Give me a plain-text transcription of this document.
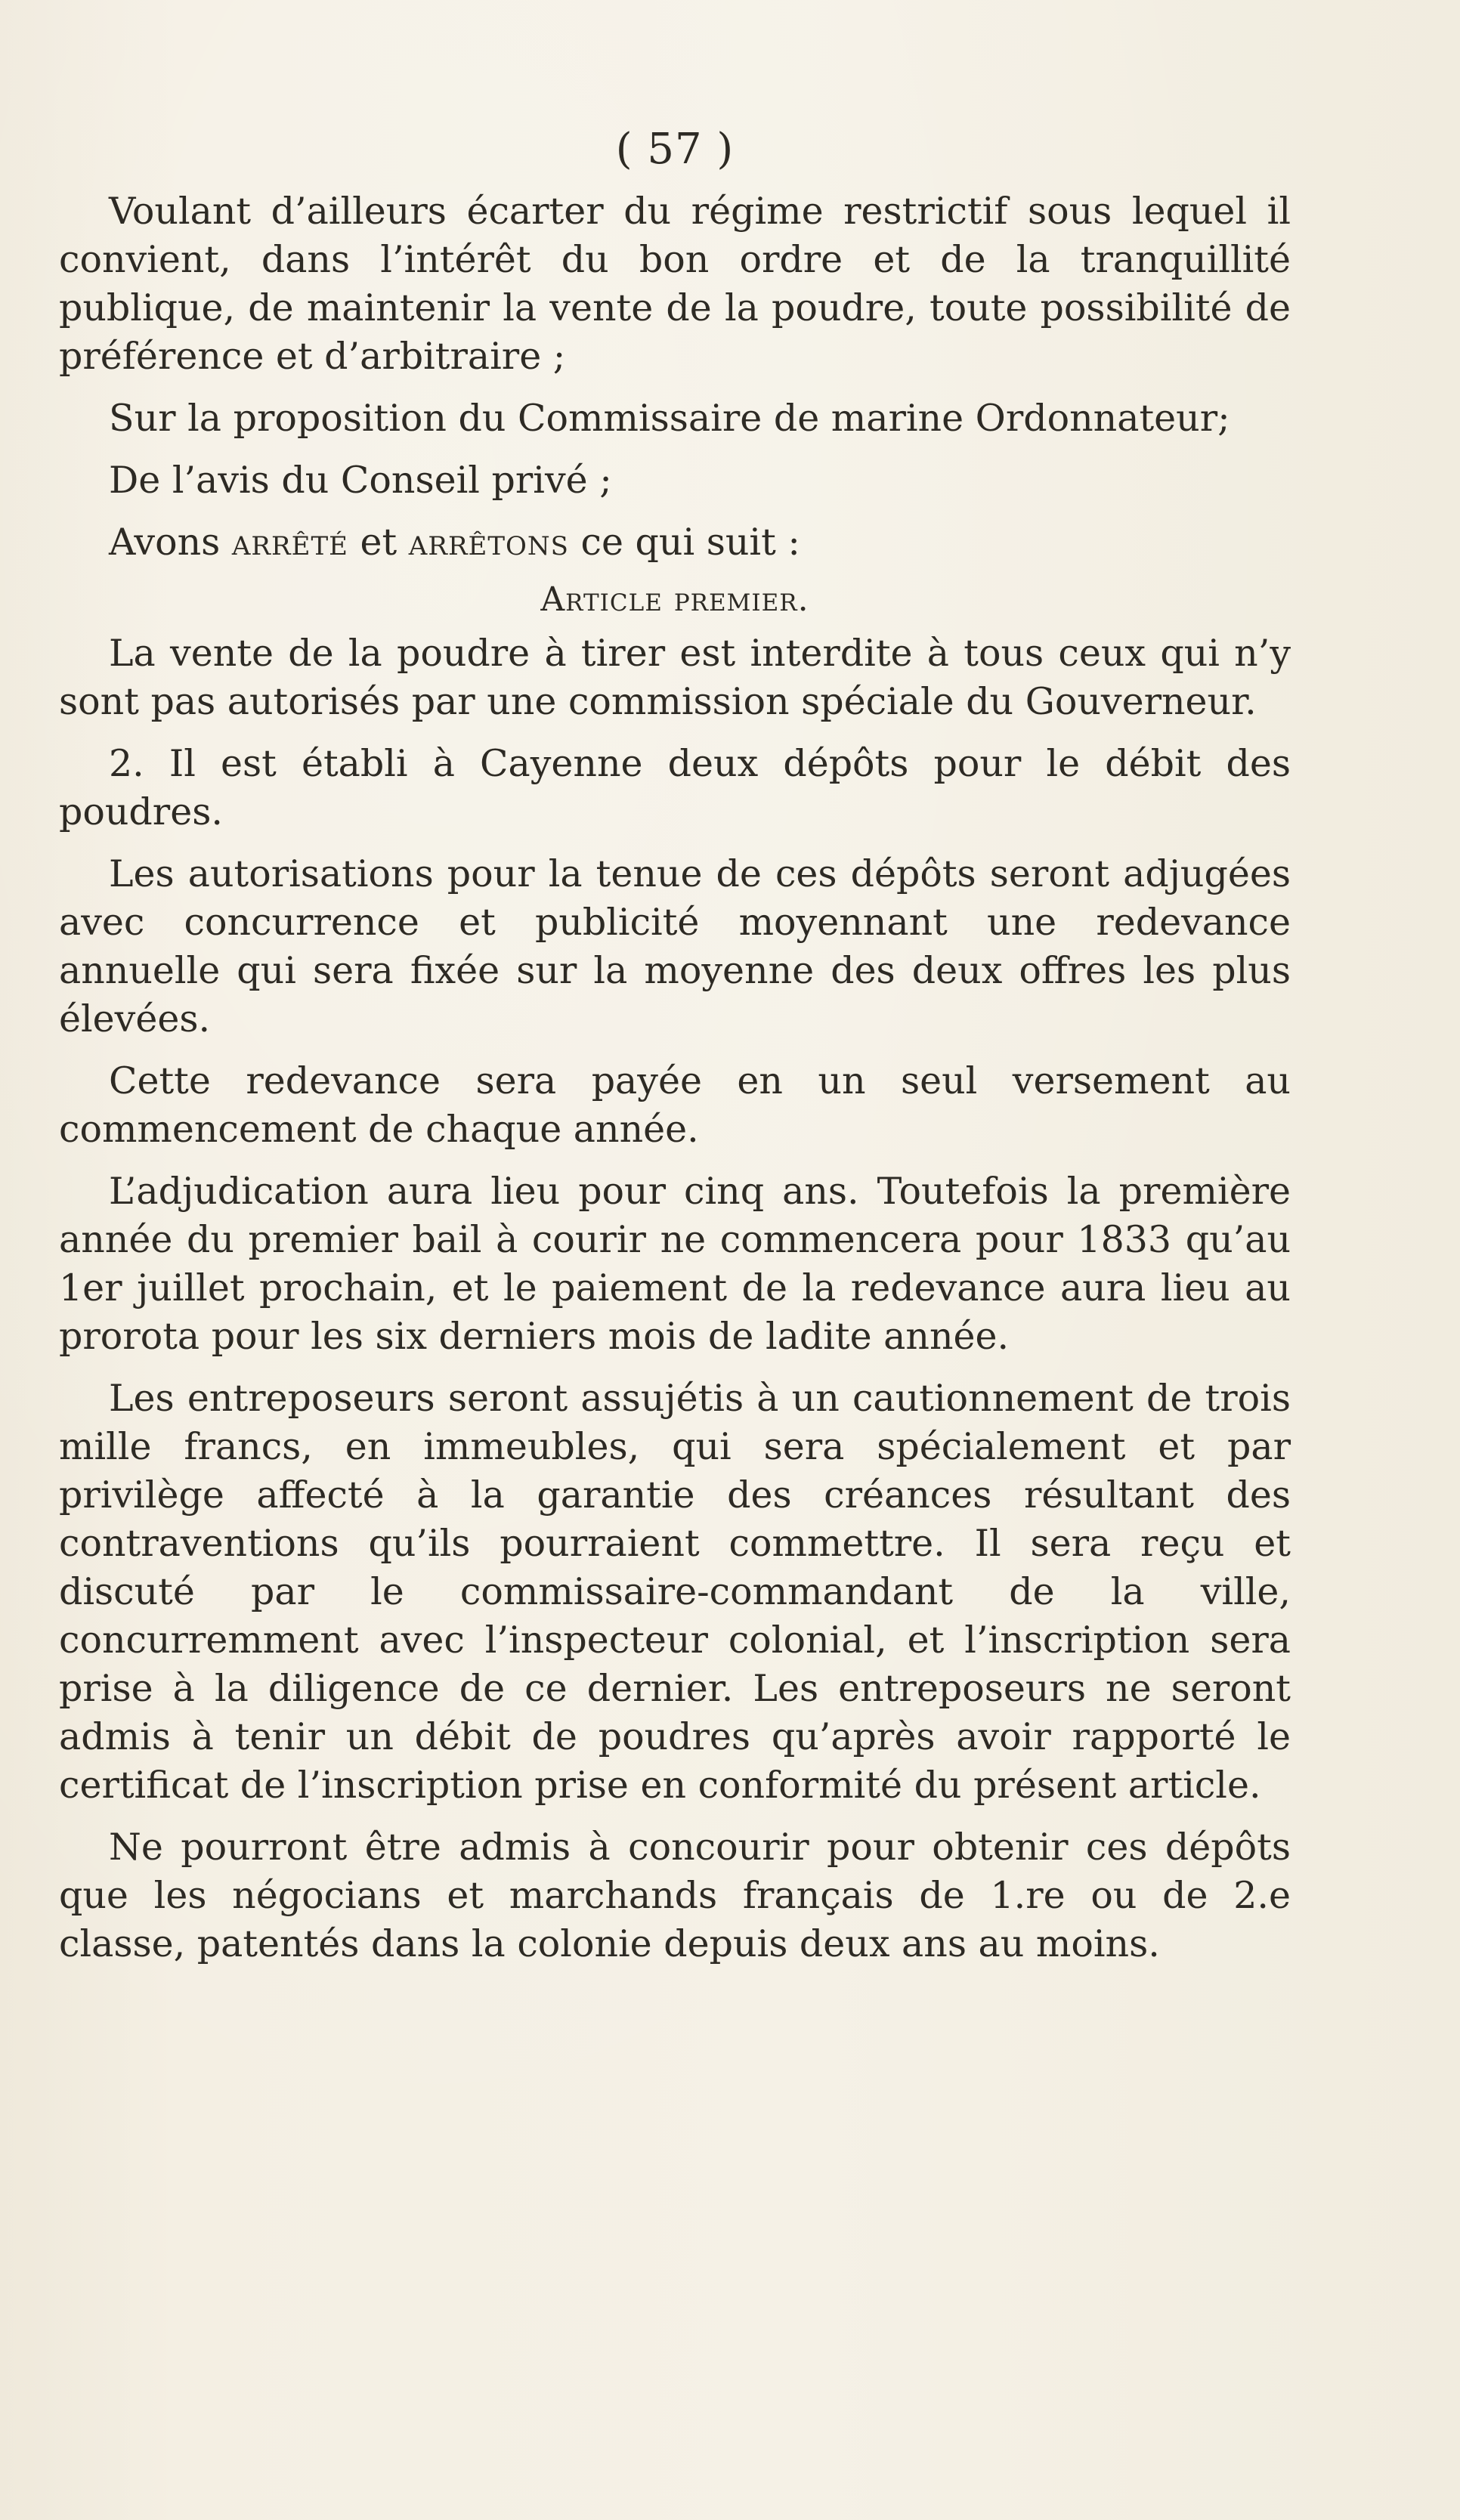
( 57 )

Voulant d’ailleurs écarter du régime restrictif sous lequel il convient, dans l’intérêt du bon ordre et de la tranquillité publique, de maintenir la vente de la poudre, toute possibilité de préférence et d’arbitraire ;

Sur la proposition du Commissaire de marine Ordonnateur;

De l’avis du Conseil privé ;

Avons arrêté et arrêtons ce qui suit :

Article premier.

La vente de la poudre à tirer est interdite à tous ceux qui n’y sont pas autorisés par une commission spéciale du Gouverneur.

2. Il est établi à Cayenne deux dépôts pour le débit des poudres.

Les autorisations pour la tenue de ces dépôts seront adjugées avec concurrence et publicité moyennant une redevance annuelle qui sera fixée sur la moyenne des deux offres les plus élevées.

Cette redevance sera payée en un seul versement au commencement de chaque année.

L’adjudication aura lieu pour cinq ans. Toutefois la première année du premier bail à courir ne commencera pour 1833 qu’au 1er juillet prochain, et le paiement de la redevance aura lieu au prorota pour les six derniers mois de ladite année.

Les entreposeurs seront assujétis à un cautionnement de trois mille francs, en immeubles, qui sera spécialement et par privilège affecté à la garantie des créances résultant des contraventions qu’ils pourraient commettre. Il sera reçu et discuté par le commissaire-commandant de la ville, concurremment avec l’inspecteur colonial, et l’inscription sera prise à la diligence de ce dernier. Les entreposeurs ne seront admis à tenir un débit de poudres qu’après avoir rapporté le certificat de l’inscription prise en conformité du présent article.

Ne pourront être admis à concourir pour obtenir ces dépôts que les négocians et marchands français de 1.re ou de 2.e classe, patentés dans la colonie depuis deux ans au moins.
